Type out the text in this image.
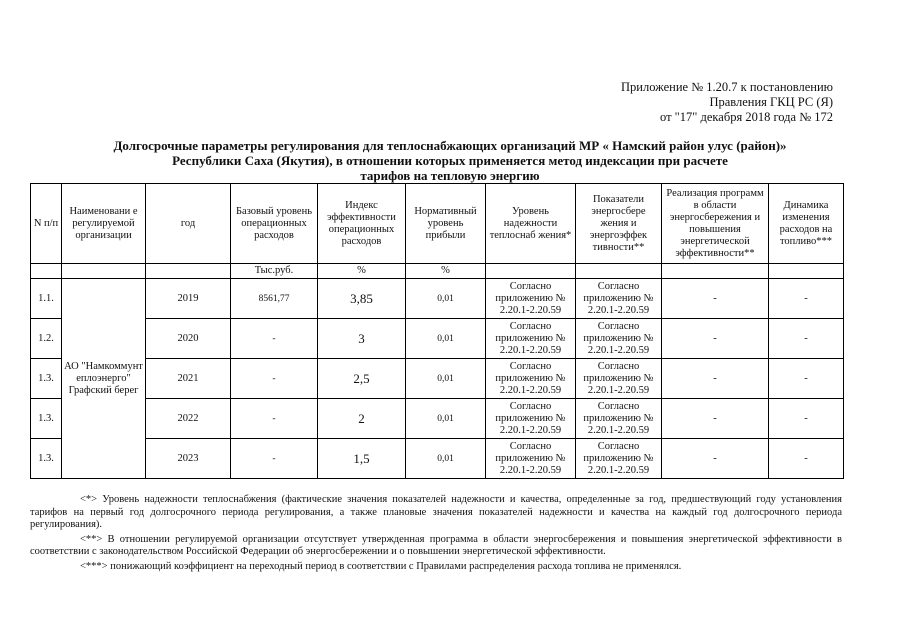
Приложение № 1.20.7 к постановлению
Правления ГКЦ РС (Я)
от "17" декабря 2018 года № 172
Долгосрочные параметры регулирования для теплоснабжающих организаций МР « Намский район улус (район)»
Республики Саха (Якутия), в отношении которых применяется метод индексации при расчете
тарифов на тепловую энергию
N п/п	Наименовани е регулируемой организации	год	Базовый уровень операционных расходов	Индекс эффективности операционных расходов	Нормативный уровень прибыли	Уровень надежности теплоснаб жения*	Показатели энергосбере жения и энергоэффек тивности**	Реализация программ в области энергосбережения и повышения энергетической эффективности**	Динамика изменения расходов на топливо***
			Тыс.руб.	%	%				
1.1.	АО "Намкоммунт еплоэнерго" Графский берег	2019	8561,77	3,85	0,01	Согласно приложению № 2.20.1-2.20.59	Согласно приложению № 2.20.1-2.20.59	-	-
1.2.		2020	-	3	0,01	Согласно приложению № 2.20.1-2.20.59	Согласно приложению № 2.20.1-2.20.59	-	-
1.3.		2021	-	2,5	0,01	Согласно приложению № 2.20.1-2.20.59	Согласно приложению № 2.20.1-2.20.59	-	-
1.3.		2022	-	2	0,01	Согласно приложению № 2.20.1-2.20.59	Согласно приложению № 2.20.1-2.20.59	-	-
1.3.		2023	-	1,5	0,01	Согласно приложению № 2.20.1-2.20.59	Согласно приложению № 2.20.1-2.20.59	-	-

<*> Уровень надежности теплоснабжения (фактические значения показателей надежности и качества, определенные за год, предшествующий году установления тарифов на первый год долгосрочного периода регулирования, а также плановые значения показателей надежности и качества на каждый год долгосрочного периода регулирования).

<**> В отношении регулируемой организации отсутствует утвержденная программа в области энергосбережения и повышения энергетической эффективности в соответствии с законодательством Российской Федерации об энергосбережении и о повышении энергетической эффективности.

<***> понижающий коэффициент на переходный период в соответствии с Правилами распределения расхода топлива не применялся.
